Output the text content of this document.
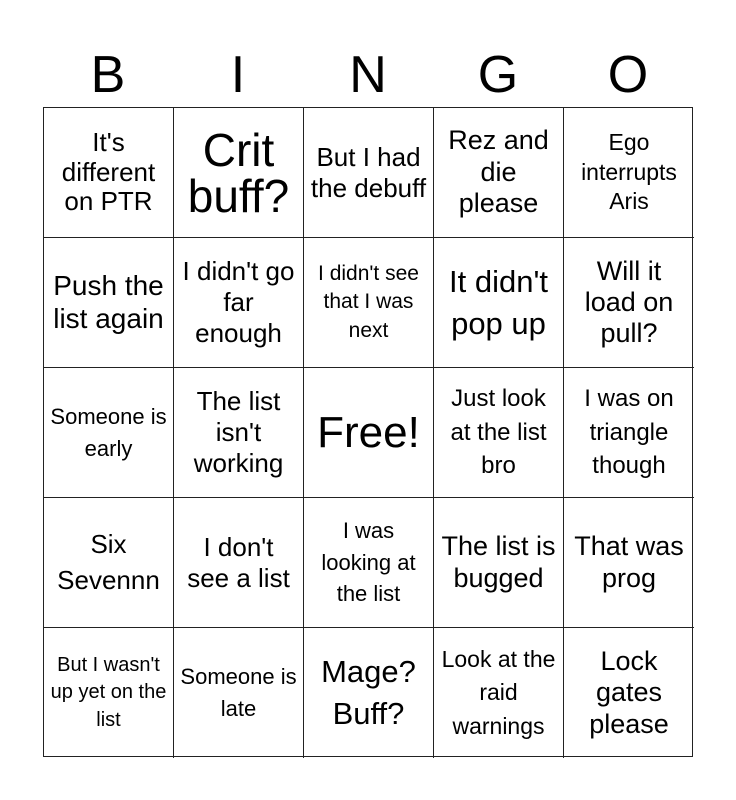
B	I	N	G	O
It's different on PTR
Crit buff?
But I had the debuff
Rez and die please
Ego interrupts Aris
Push the list again
I didn't go far enough
I didn't see that I was next
It didn't pop up
Will it load on pull?
Someone is early
The list isn't working
Free!
Just look at the list bro
I was on triangle though
Six Sevennn
I don't see a list
I was looking at the list
The list is bugged
That was prog
But I wasn't up yet on the list
Someone is late
Mage? Buff?
Look at the raid warnings
Lock gates please
